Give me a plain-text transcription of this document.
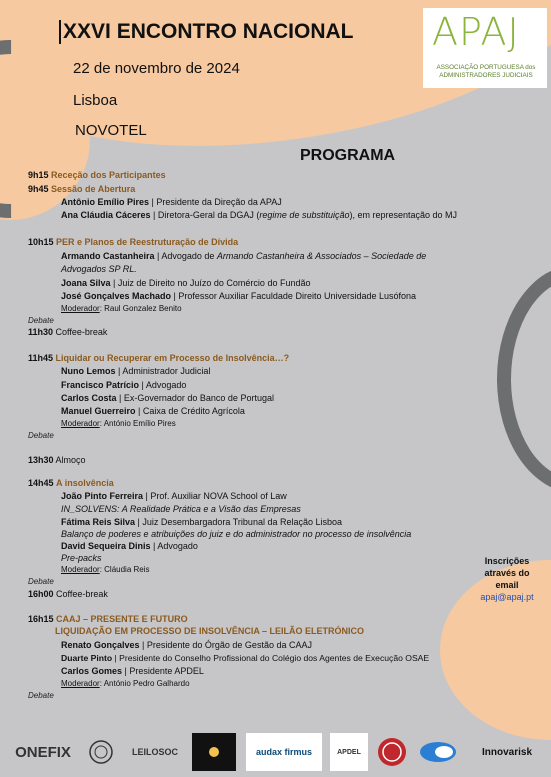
APAJ
ASSOCIAÇÃO PORTUGUESA dos ADMINISTRADORES JUDICIAIS
XXVI ENCONTRO NACIONAL
22 de novembro de 2024
Lisboa
NOVOTEL
PROGRAMA
9h15 Receção dos Participantes
9h45 Sessão de Abertura
Antônio Emílio Pires | Presidente da Direção da APAJ
Ana Cláudia Cáceres | Diretora-Geral da DGAJ (regime de substituição), em representação do MJ
10h15 PER e Planos de Reestruturação de Dívida
Armando Castanheira | Advogado de Armando Castanheira & Associados – Sociedade de
Advogados SP RL.
Joana Silva | Juiz de Direito no Juízo do Comércio do Fundão
José Gonçalves Machado | Professor Auxiliar Faculdade Direito Universidade Lusófona
Moderador: Raul Gonzalez Benito
Debate
11h30 Coffee-break
11h45 Liquidar ou Recuperar em Processo de Insolvência…?
Nuno Lemos | Administrador Judicial
Francisco Patrício | Advogado
Carlos Costa | Ex-Governador do Banco de Portugal
Manuel Guerreiro | Caixa de Crédito Agrícola
Moderador: António Emílio Pires
Debate
13h30 Almoço
14h45 A insolvência
João Pinto Ferreira | Prof. Auxiliar NOVA School of Law
IN_SOLVENS: A Realidade Prática e a Visão das Empresas
Fátima Reis Silva | Juiz Desembargadora Tribunal da Relação Lisboa
Balanço de poderes e atribuições do juiz e do administrador no processo de insolvência
David Sequeira Dinis | Advogado
Pre-packs
Moderador: Cláudia Reis
Debate
16h00 Coffee-break
16h15 CAAJ – PRESENTE E FUTURO
LIQUIDAÇÃO EM PROCESSO DE INSOLVÊNCIA – LEILÃO ELETRÓNICO
Renato Gonçalves | Presidente do Órgão de Gestão da CAAJ
Duarte Pinto | Presidente do Conselho Profissional do Colégio dos Agentes de Execução OSAE
Carlos Gomes | Presidente APDEL
Moderador: António Pedro Galhardo
Debate
Inscrições
através do
email
apaj@apaj.pt
ONEFIX	LEILOSOC	audax firmus	APDEL	Innovarisk
